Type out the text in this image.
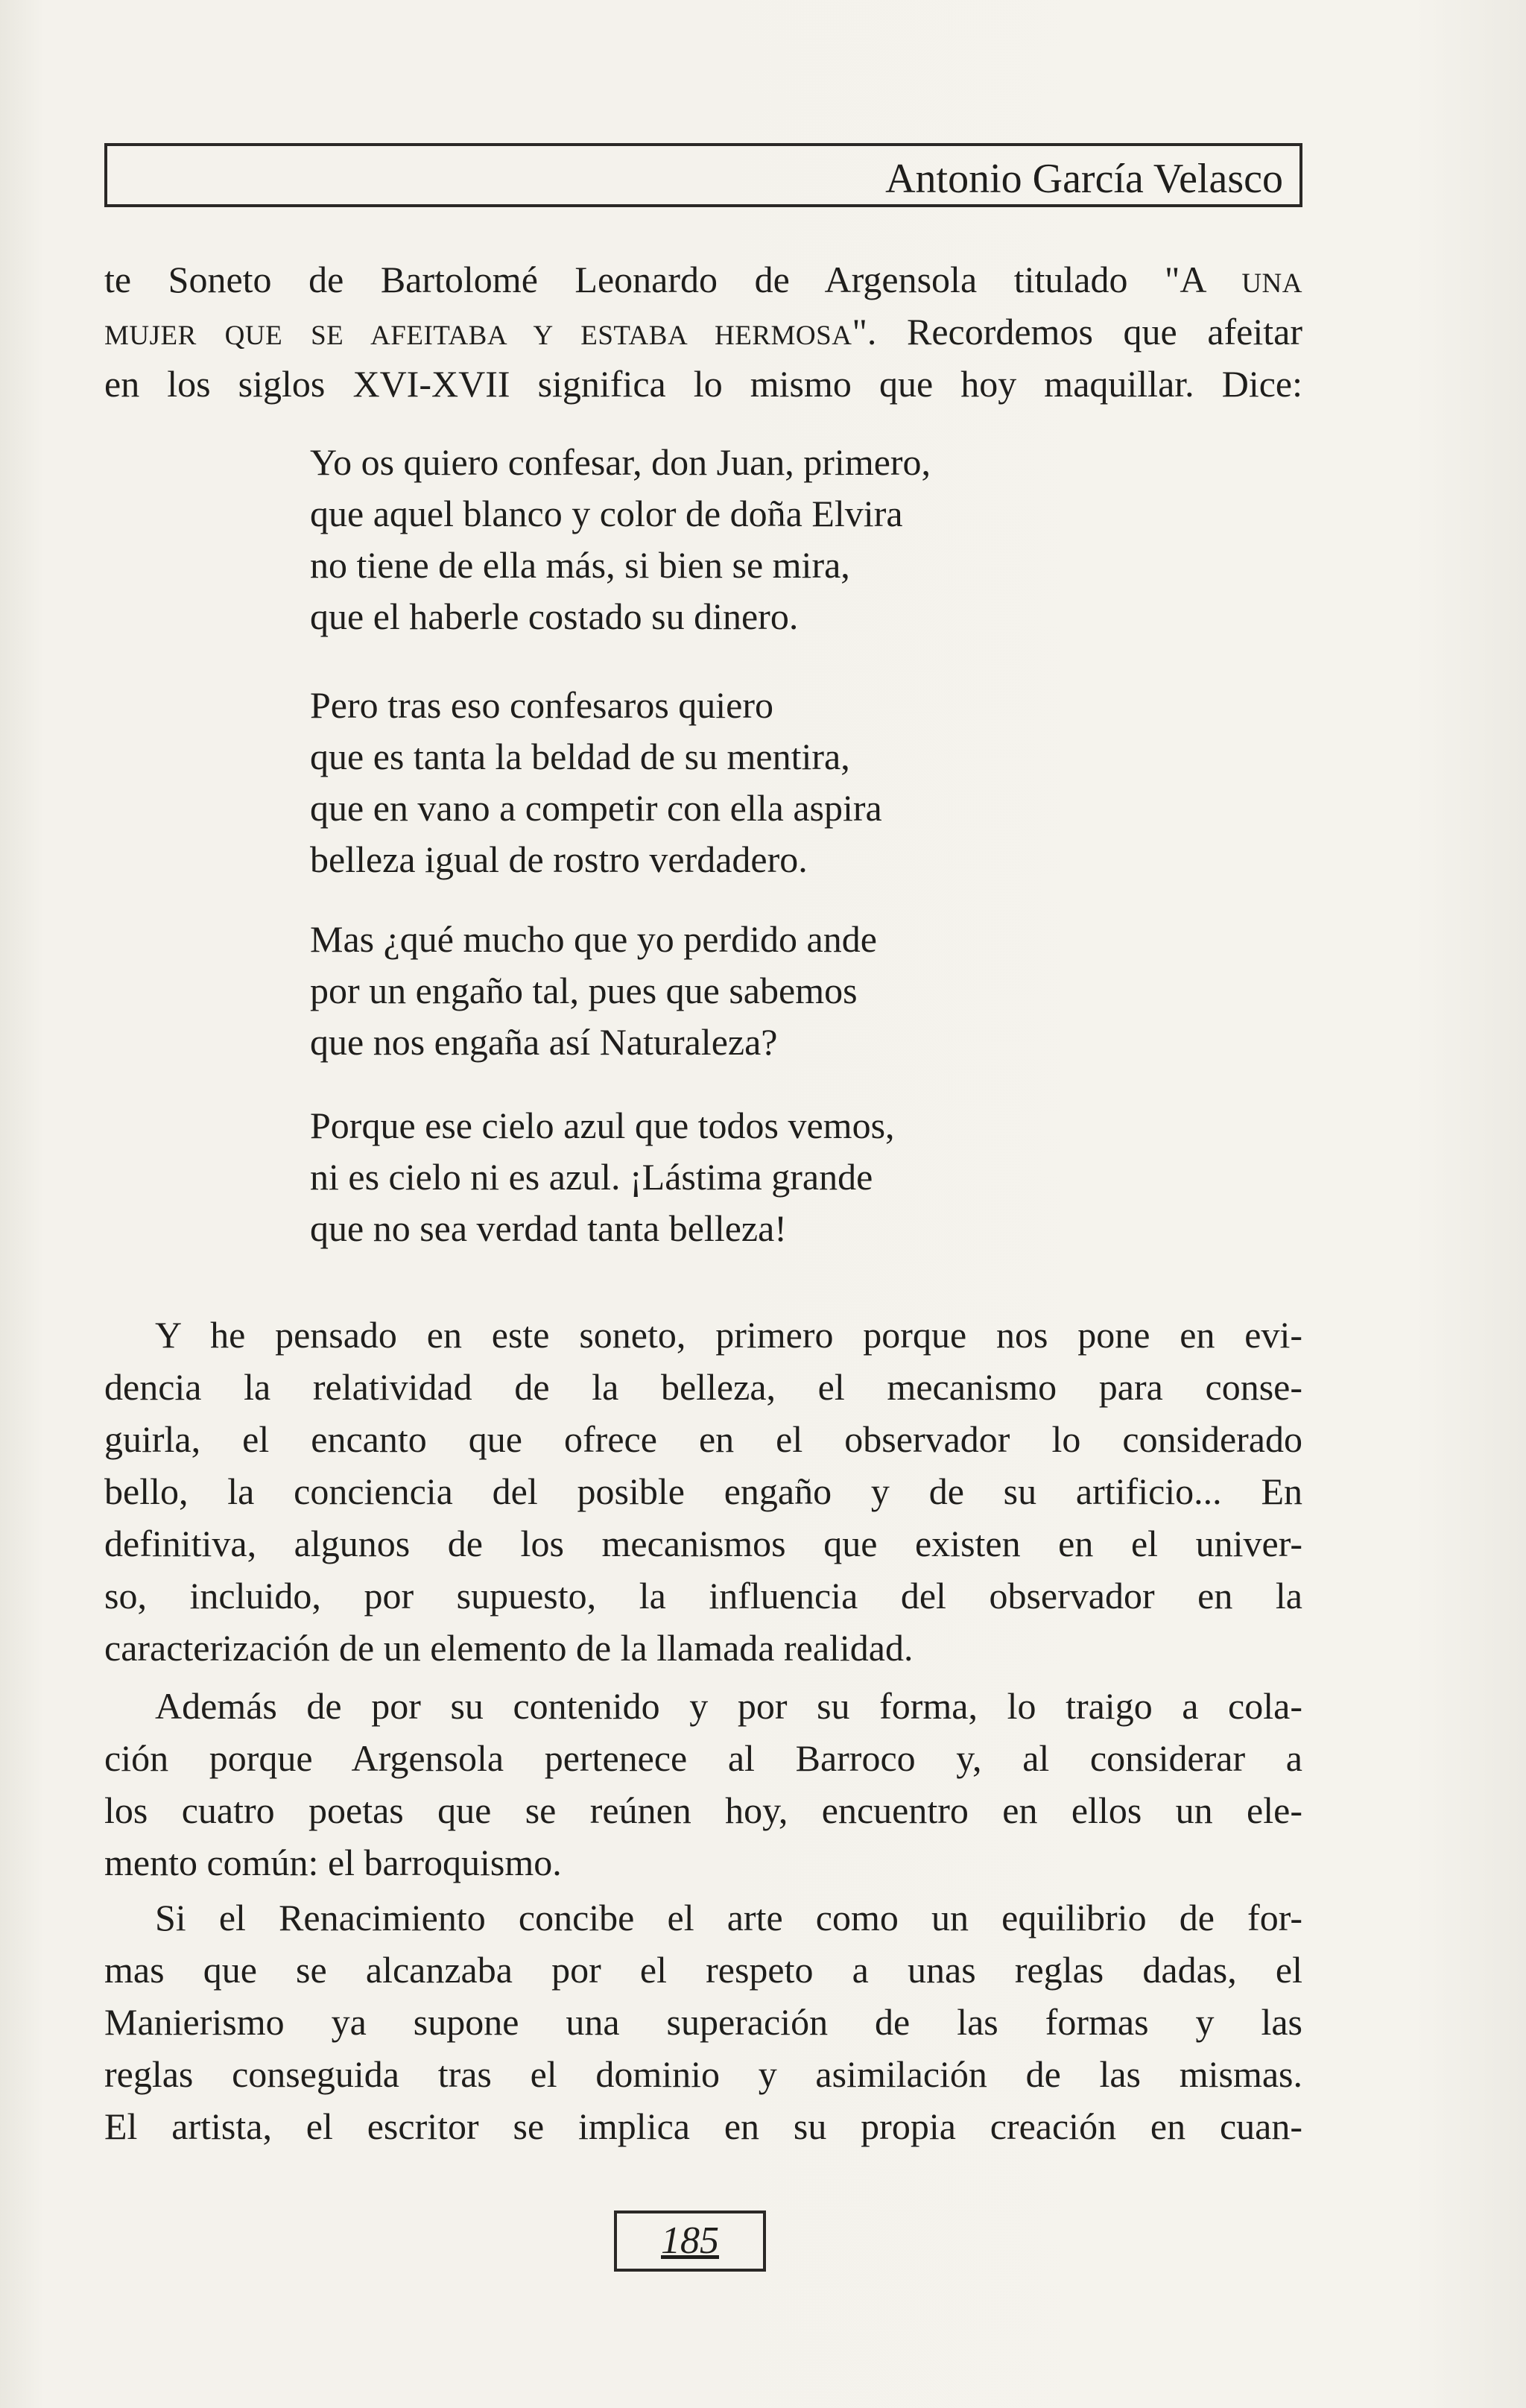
Antonio García Velasco
te Soneto de Bartolomé Leonardo de Argensola titulado "A UNA
MUJER QUE SE AFEITABA Y ESTABA HERMOSA". Recordemos que afeitar
en los siglos XVI-XVII significa lo mismo que hoy maquillar. Dice:
Yo os quiero confesar, don Juan, primero,
que aquel blanco y color de doña Elvira
no tiene de ella más, si bien se mira,
que el haberle costado su dinero.
Pero tras eso confesaros quiero
que es tanta la beldad de su mentira,
que en vano a competir con ella aspira
belleza igual de rostro verdadero.
Mas ¿qué mucho que yo perdido ande
por un engaño tal, pues que sabemos
que nos engaña así Naturaleza?
Porque ese cielo azul que todos vemos,
ni es cielo ni es azul. ¡Lástima grande
que no sea verdad tanta belleza!
Y he pensado en este soneto, primero porque nos pone en evi-
dencia la relatividad de la belleza, el mecanismo para conse-
guirla, el encanto que ofrece en el observador lo considerado
bello, la conciencia del posible engaño y de su artificio... En
definitiva, algunos de los mecanismos que existen en el univer-
so, incluido, por supuesto, la influencia del observador en la
caracterización de un elemento de la llamada realidad.
Además de por su contenido y por su forma, lo traigo a cola-
ción porque Argensola pertenece al Barroco y, al considerar a
los cuatro poetas que se reúnen hoy, encuentro en ellos un ele-
mento común: el barroquismo.
Si el Renacimiento concibe el arte como un equilibrio de for-
mas que se alcanzaba por el respeto a unas reglas dadas, el
Manierismo ya supone una superación de las formas y las
reglas conseguida tras el dominio y asimilación de las mismas.
El artista, el escritor se implica en su propia creación en cuan-
185
